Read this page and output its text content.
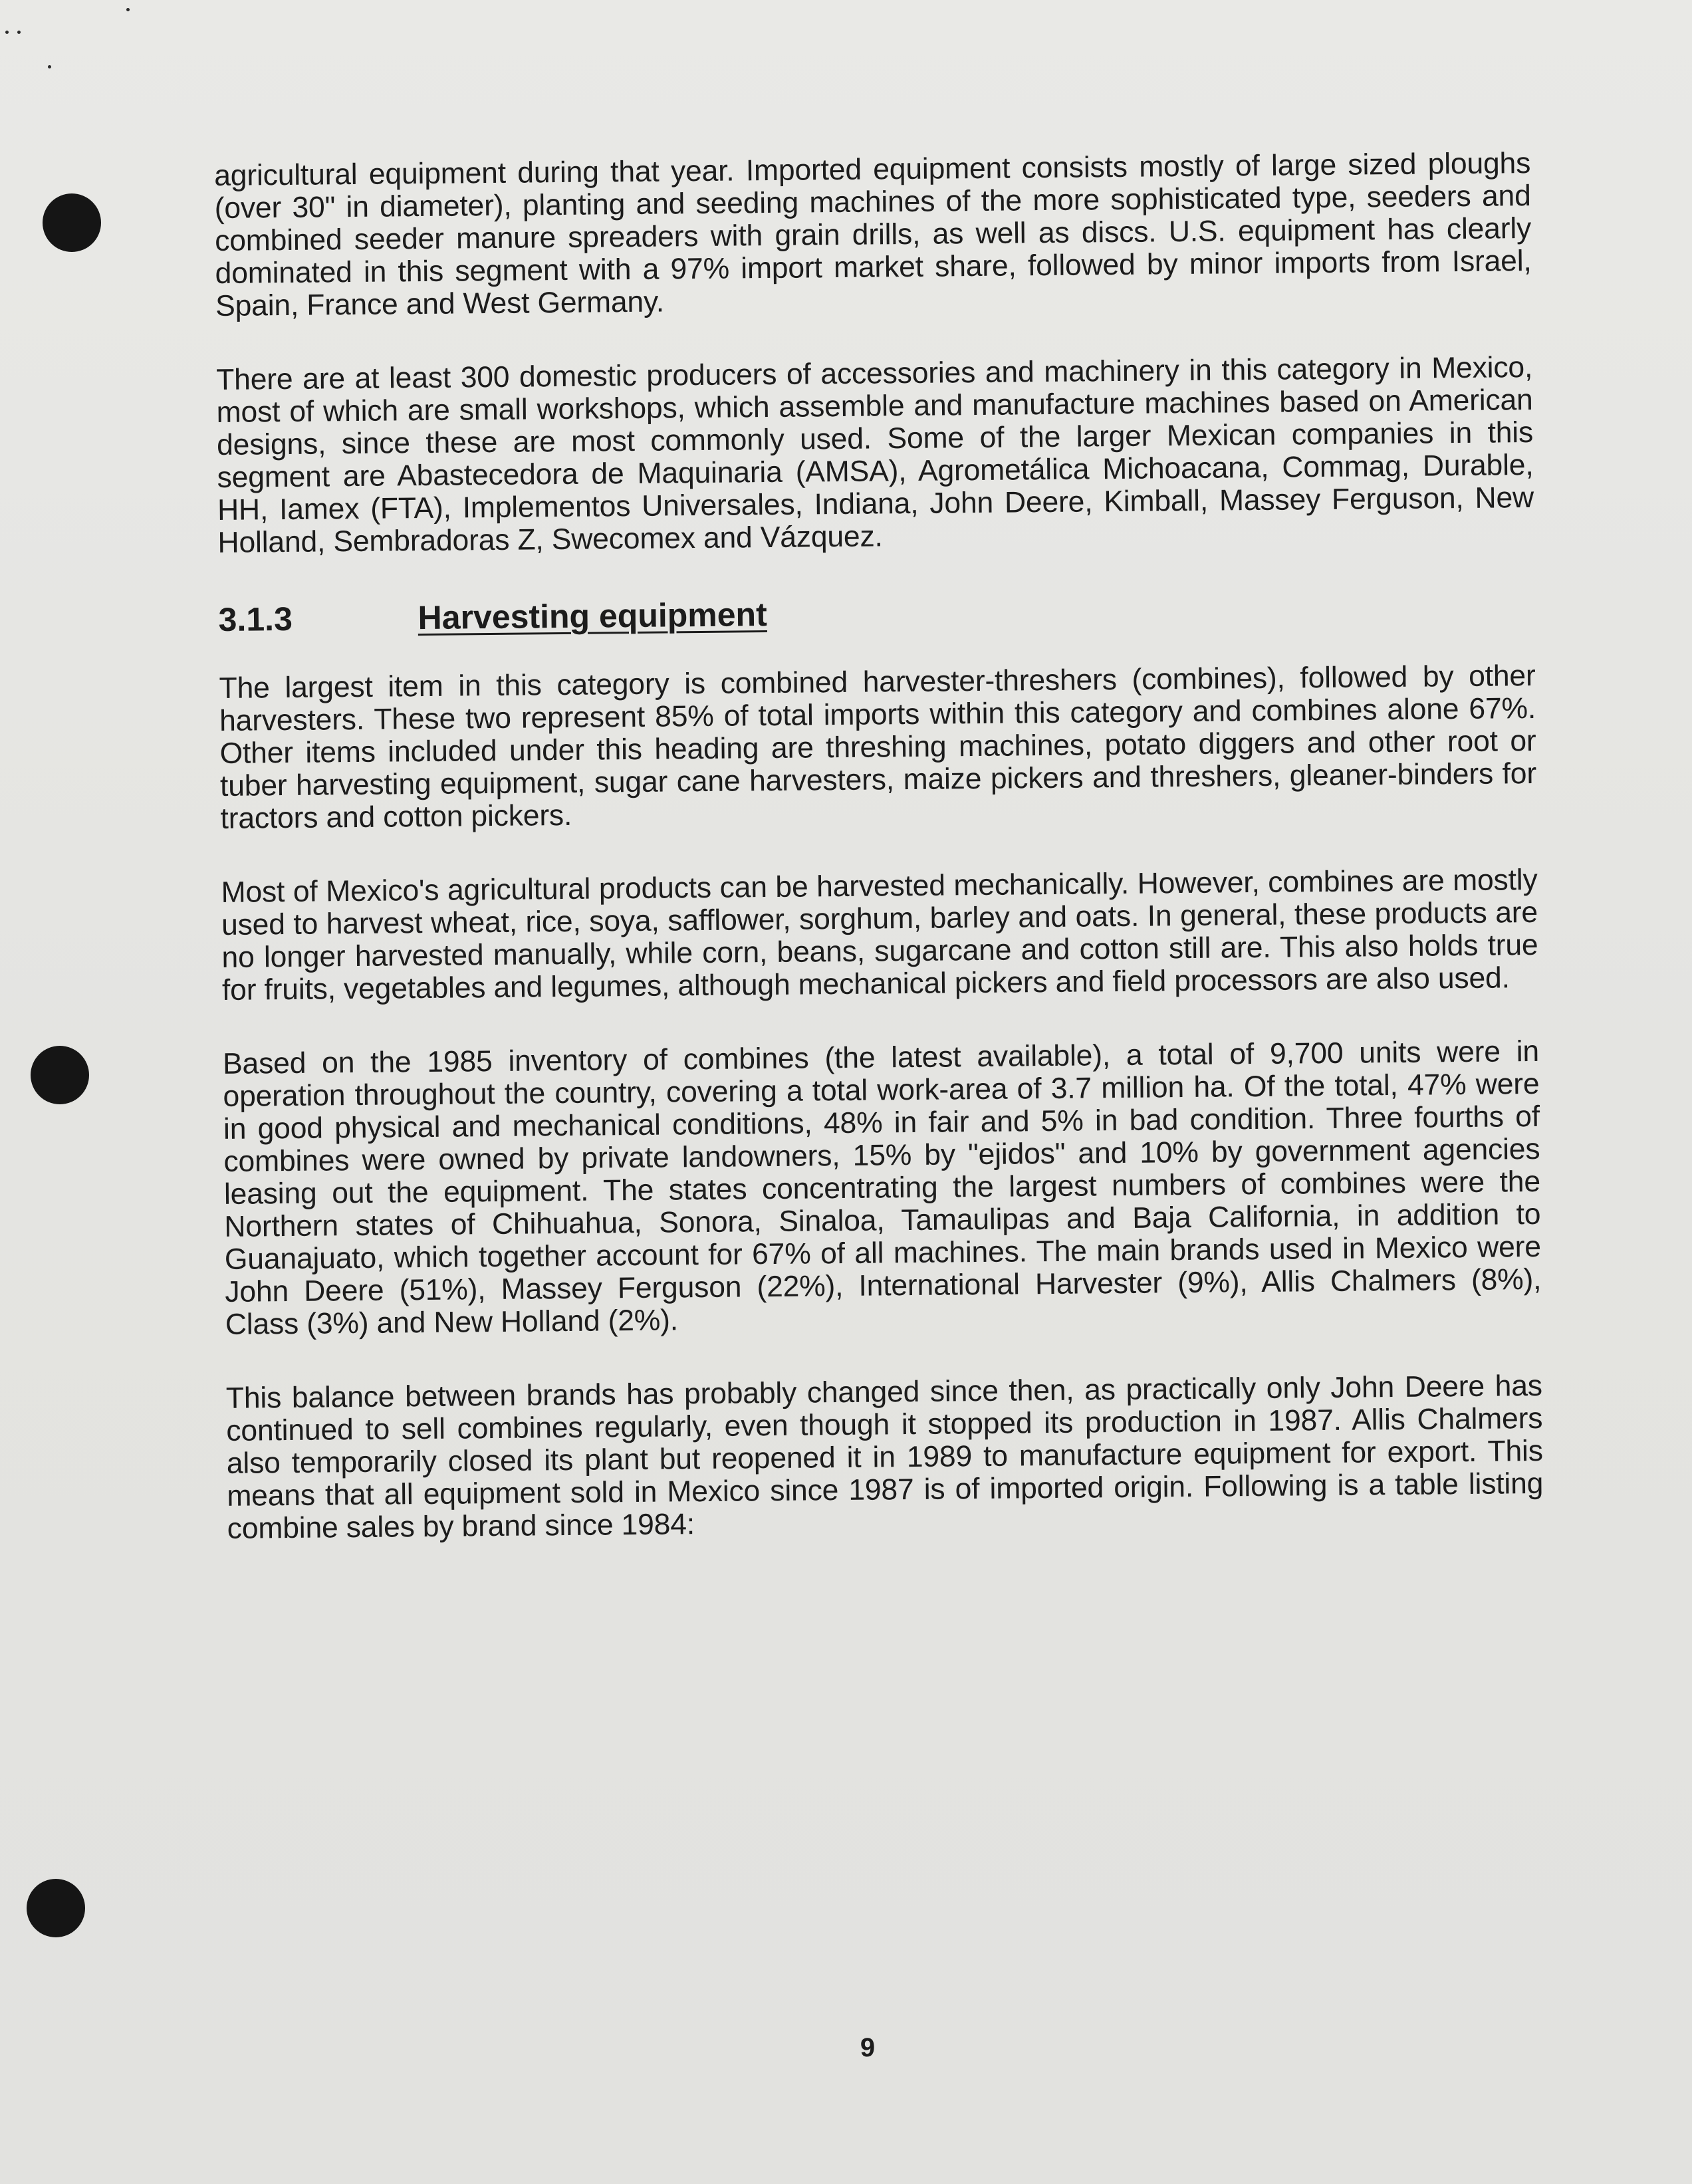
agricultural equipment during that year. Imported equipment consists mostly of large sized ploughs (over 30" in diameter), planting and seeding machines of the more sophisticated type, seeders and combined seeder manure spreaders with grain drills, as well as discs. U.S. equipment has clearly dominated in this segment with a 97% import market share, followed by minor imports from Israel, Spain, France and West Germany.

There are at least 300 domestic producers of accessories and machinery in this category in Mexico, most of which are small workshops, which assemble and manufacture machines based on American designs, since these are most commonly used. Some of the larger Mexican companies in this segment are Abastecedora de Maquinaria (AMSA), Agrometálica Michoacana, Commag, Durable, HH, Iamex (FTA), Implementos Universales, Indiana, John Deere, Kimball, Massey Ferguson, New Holland, Sembradoras Z, Swecomex and Vázquez.

3.1.3	Harvesting equipment

The largest item in this category is combined harvester-threshers (combines), followed by other harvesters. These two represent 85% of total imports within this category and combines alone 67%. Other items included under this heading are threshing machines, potato diggers and other root or tuber harvesting equipment, sugar cane harvesters, maize pickers and threshers, gleaner-binders for tractors and cotton pickers.

Most of Mexico's agricultural products can be harvested mechanically. However, combines are mostly used to harvest wheat, rice, soya, safflower, sorghum, barley and oats. In general, these products are no longer harvested manually, while corn, beans, sugarcane and cotton still are. This also holds true for fruits, vegetables and legumes, although mechanical pickers and field processors are also used.

Based on the 1985 inventory of combines (the latest available), a total of 9,700 units were in operation throughout the country, covering a total work-area of 3.7 million ha. Of the total, 47% were in good physical and mechanical conditions, 48% in fair and 5% in bad condition. Three fourths of combines were owned by private landowners, 15% by "ejidos" and 10% by government agencies leasing out the equipment. The states concentrating the largest numbers of combines were the Northern states of Chihuahua, Sonora, Sinaloa, Tamaulipas and Baja California, in addition to Guanajuato, which together account for 67% of all machines. The main brands used in Mexico were John Deere (51%), Massey Ferguson (22%), International Harvester (9%), Allis Chalmers (8%), Class (3%) and New Holland (2%).

This balance between brands has probably changed since then, as practically only John Deere has continued to sell combines regularly, even though it stopped its production in 1987. Allis Chalmers also temporarily closed its plant but reopened it in 1989 to manufacture equipment for export. This means that all equipment sold in Mexico since 1987 is of imported origin. Following is a table listing combine sales by brand since 1984:

9
